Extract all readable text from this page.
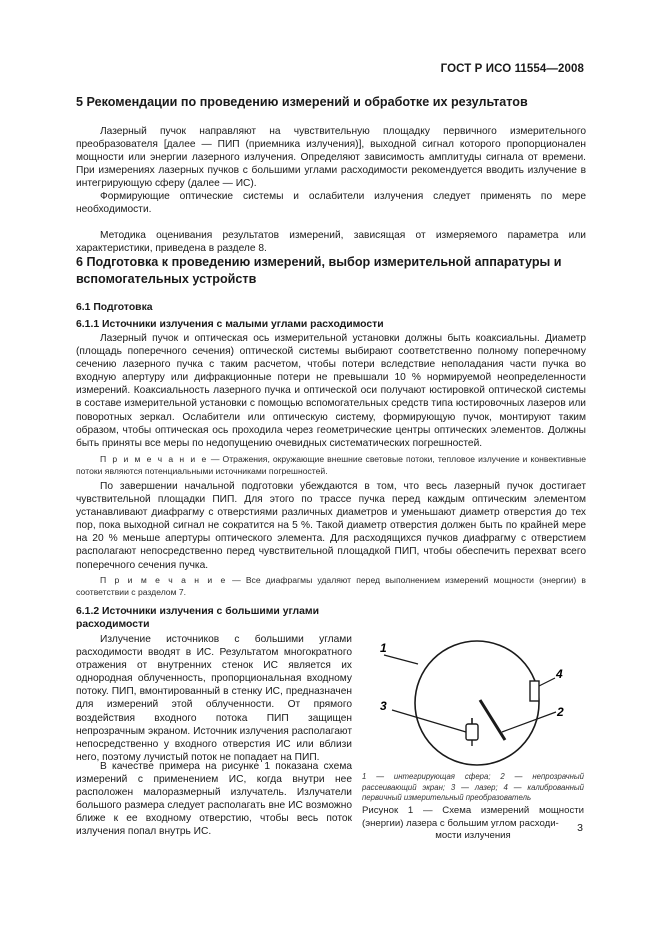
ГОСТ Р ИСО 11554—2008
5 Рекомендации по проведению измерений и обработке их результатов
Лазерный пучок направляют на чувствительную площадку первичного измерительного преобразователя [далее — ПИП (приемника излучения)], выходной сигнал которого пропорционален мощности или энергии лазерного излучения. Определяют зависимость амплитуды сигнала от времени. При измерениях лазерных пучков с большими углами расходимости рекомендуется вводить излучение в интегрирующую сферу (далее — ИС).
Формирующие оптические системы и ослабители излучения следует применять по мере необходимости.
Методика оценивания результатов измерений, зависящая от измеряемого параметра или характеристики, приведена в разделе 8.
6 Подготовка к проведению измерений, выбор измерительной аппаратуры и вспомогательных устройств
6.1 Подготовка
6.1.1 Источники излучения с малыми углами расходимости
Лазерный пучок и оптическая ось измерительной установки должны быть коаксиальны. Диаметр (площадь поперечного сечения) оптической системы выбирают соответственно полному поперечному сечению лазерного пучка с таким расчетом, чтобы потери вследствие неполадания части пучка во входную апертуру или дифракционные потери не превышали 10 % нормируемой неопределенности измерений. Коаксиальность лазерного пучка и оптической оси получают юстировкой оптической системы в составе измерительной установки с помощью вспомогательных средств типа юстировочных лазеров или поворотных зеркал. Ослабители или оптическую систему, формирующую пучок, монтируют таким образом, чтобы оптическая ось проходила через геометрические центры оптических элементов. Должны быть приняты все меры по недопущению очевидных систематических погрешностей.
П р и м е ч а н и е — Отражения, окружающие внешние световые потоки, тепловое излучение и конвективные потоки являются потенциальными источниками погрешностей.
По завершении начальной подготовки убеждаются в том, что весь лазерный пучок достигает чувствительной площадки ПИП. Для этого по трассе пучка перед каждым оптическим элементом устанавливают диафрагму с отверстиями различных диаметров и уменьшают диаметр отверстия до тех пор, пока выходной сигнал не сократится на 5 %. Такой диаметр отверстия должен быть по крайней мере на 20 % меньше апертуры оптического элемента. Для расходящихся пучков диафрагму с отверстием располагают непосредственно перед чувствительной площадкой ПИП, чтобы обеспечить перехват всего поперечного сечения пучка.
П р и м е ч а н и е — Все диафрагмы удаляют перед выполнением измерений мощности (энергии) в соответствии с разделом 7.
6.1.2 Источники излучения с большими углами расходимости
Излучение источников с большими углами расходимости вводят в ИС. Результатом многократного отражения от внутренних стенок ИС является их однородная облученность, пропорциональная входному потоку. ПИП, вмонтированный в стенку ИС, предназначен для измерений этой облученности. От прямого воздействия входного потока ПИП защищен непрозрачным экраном. Источник излучения располагают непосредственно у входного отверстия ИС или вблизи него, поэтому лучистый поток не попадает на ПИП.
В качестве примера на рисунке 1 показана схема измерений с применением ИС, когда внутри нее расположен малоразмерный излучатель. Излучатели большого размера следует располагать вне ИС возможно ближе к ее входному отверстию, чтобы весь поток излучения попал внутрь ИС.
1
2
3
4
1 — интегрирующая сфера; 2 — непрозрачный рассеивающий экран; 3 — лазер; 4 — калиброванный первичный измерительный преобразователь
Рисунок 1 — Схема измерений мощности (энергии) лазера с большим углом расходи-
мости излучения
3
